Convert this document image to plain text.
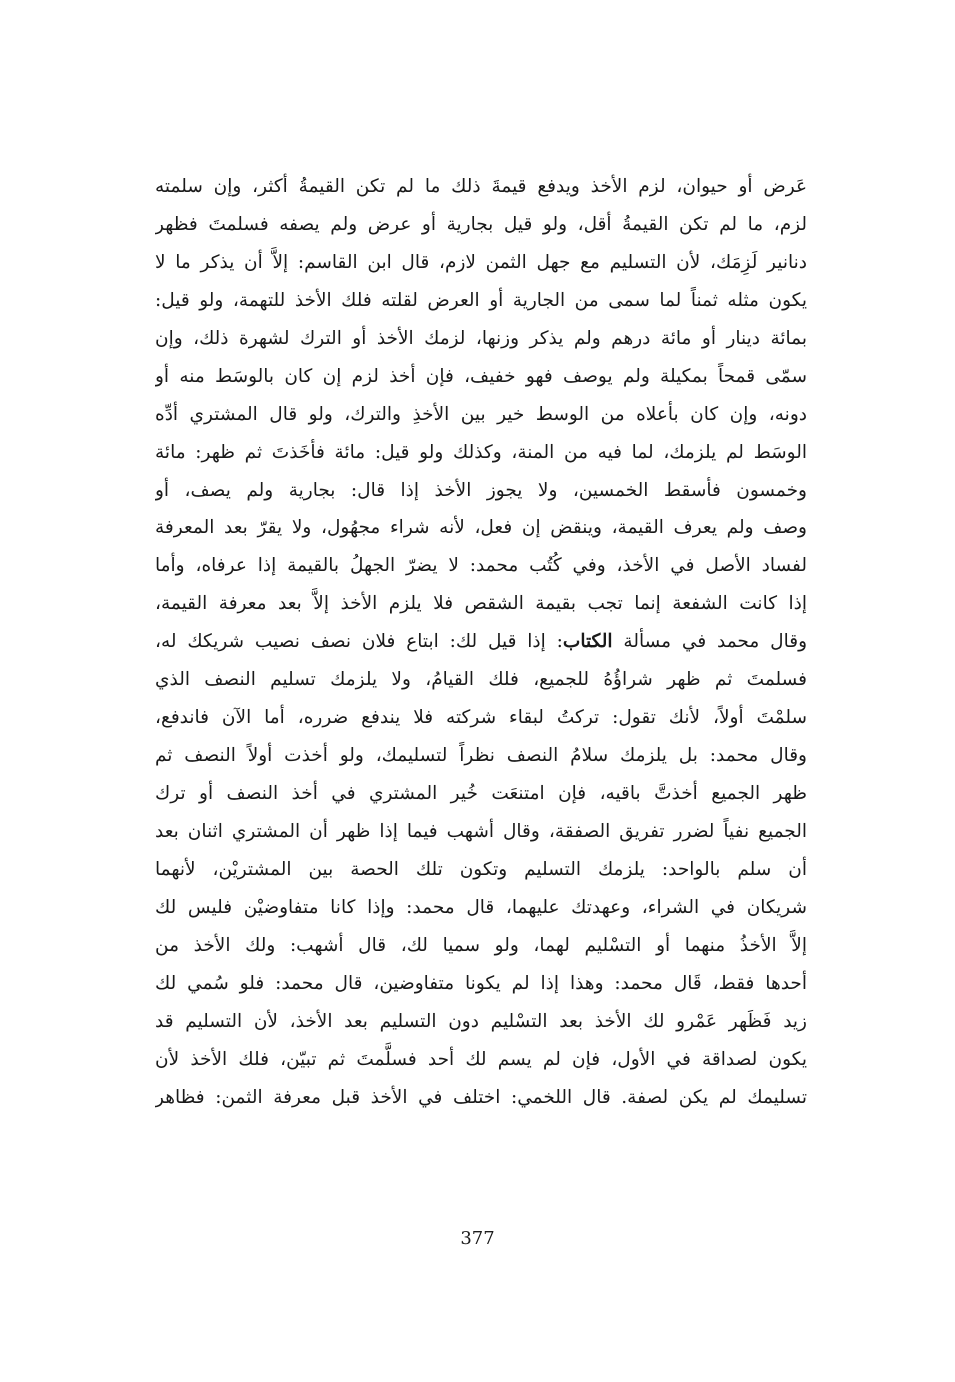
عَرض أو حيوان، لزم الأخذ ويدفع قيمةَ ذلك ما لم تكن القيمةُ أكثر، وإن سلمته
لزم، ما لم تكن القيمةُ أقل، ولو قيل بجارية أو عرض ولم يصفه فسلمتَ فظهر
دنانير لَزِمَك، لأن التسليم مع جهل الثمن لازم، قال ابن القاسم: إلاَّ أن يذكر ما لا
يكون مثله ثمناً لما سمى من الجارية أو العرض لقلته فلك الأخذ للتهمة، ولو قيل:
بمائة دينار أو مائة درهم ولم يذكر وزنها، لزمك الأخذ أو الترك لشهرة ذلك، وإن
سمّى قمحاً بمكيلة ولم يوصف فهو خفيف، فإن أخذ لزم إن كان بالوسَط منه أو
دونه، وإن كان بأعلاه من الوسط خير بين الأخذِ والترك، ولو قال المشتري أدِّه
الوسَط لم يلزمك، لما فيه من المنة، وكذلك ولو قيل: مائة فأخَذتَ ثم ظهر: مائة
وخمسون فأسقط الخمسين، ولا يجوز الأخذ إذا قال: بجارية ولم يصف، أو
وصف ولم يعرف القيمة، وينقض إن فعل، لأنه شراء مجهُول، ولا يقرّ بعد المعرفة
لفساد الأصل في الأخذ، وفي كُتُب محمد: لا يضرّ الجهلُ بالقيمة إذا عرفاه، وأما
إذا كانت الشفعة إنما تجب بقيمة الشقص فلا يلزم الأخذ إلاَّ بعد معرفة القيمة،
وقال محمد في مسألة الكتاب: إذا قيل لك: ابتاع فلان نصف نصيب شريكك له،
فسلمتَ ثم ظهر شراؤُهُ للجميع، فلك القيامُ، ولا يلزمك تسليم النصف الذي
سلمْتَ أولاً، لأنك تقول: تركتُ لبقاء شركته فلا يندفع ضرره، أما الآن فاندفع،
وقال محمد: بل يلزمك سلامُ النصف نظراً لتسليمك، ولو أخذت أولاً النصف ثم
ظهر الجميع أخذتَّ باقيه، فإن امتنعَت خُير المشتري في أخذ النصف أو ترك
الجميع نفياً لضرر تفريق الصفقة، وقال أشهب فيما إذا ظهر أن المشتري اثنان بعد
أن سلم بالواحد: يلزمك التسليم وتكون تلك الحصة بين المشتريْن، لأنهما
شريكان في الشراء، وعهدتك عليهما، قال محمد: وإذا كانا متفاوضيْن فليس لك
إلاَّ الأخذُ منهما أو التسْليم لهما، ولو سميا لك، قال أشهب: ولك الأخذ من
أحدها فقط، قَال محمد: وهذا إذا لم يكونا متفاوضين، قال محمد: فلو سُمي لك
زيد فَظَهر عَمْرو لك الأخذ بعد التسْليم دون التسليم بعد الأخذ، لأن التسليم قد
يكون لصداقة في الأول، فإن لم يسم لك أحد فسلَّمتَ ثم تبيّن، فلك الأخذ لأن
تسليمك لم يكن لصفة. قال اللخمي: اختلف في الأخذ قبل معرفة الثمن: فظاهر
377
